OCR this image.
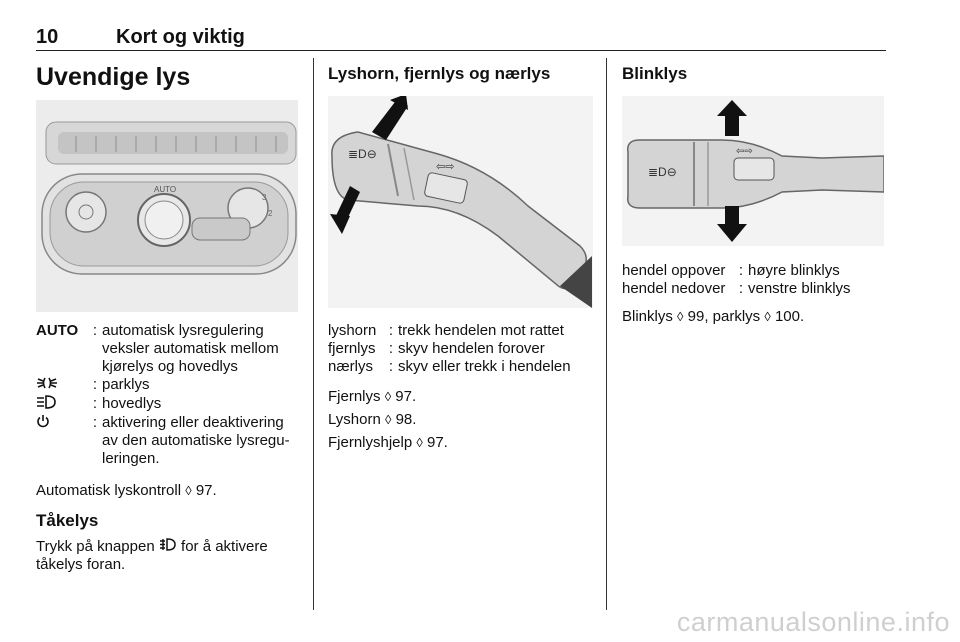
10	Kort og viktig
Uvendige lys
AUTO
3
2
AUTO : automatisk lysregulering veksler automatisk mellom kjørelys og hovedlys
: parklys
: hovedlys
: aktivering eller deaktivering av den automatiske lysregu-leringen.
Automatisk lyskontroll ◊ 97.
Tåkelys
Trykk på knappen for å aktivere tåkelys foran.
Lyshorn, fjernlys og nærlys
≣D⊖
⇦⇨
lyshorn : trekk hendelen mot rattet
fjernlys : skyv hendelen forover
nærlys	: skyv eller trekk i hendelen
Fjernlys ◊ 97.
Lyshorn ◊ 98.
Fjernlyshjelp ◊ 97.
Blinklys
≣D⊖
⇦⇨
hendel oppover : høyre blinklys
hendel nedover : venstre blinklys
Blinklys ◊ 99, parklys ◊ 100.
carmanualsonline.info
